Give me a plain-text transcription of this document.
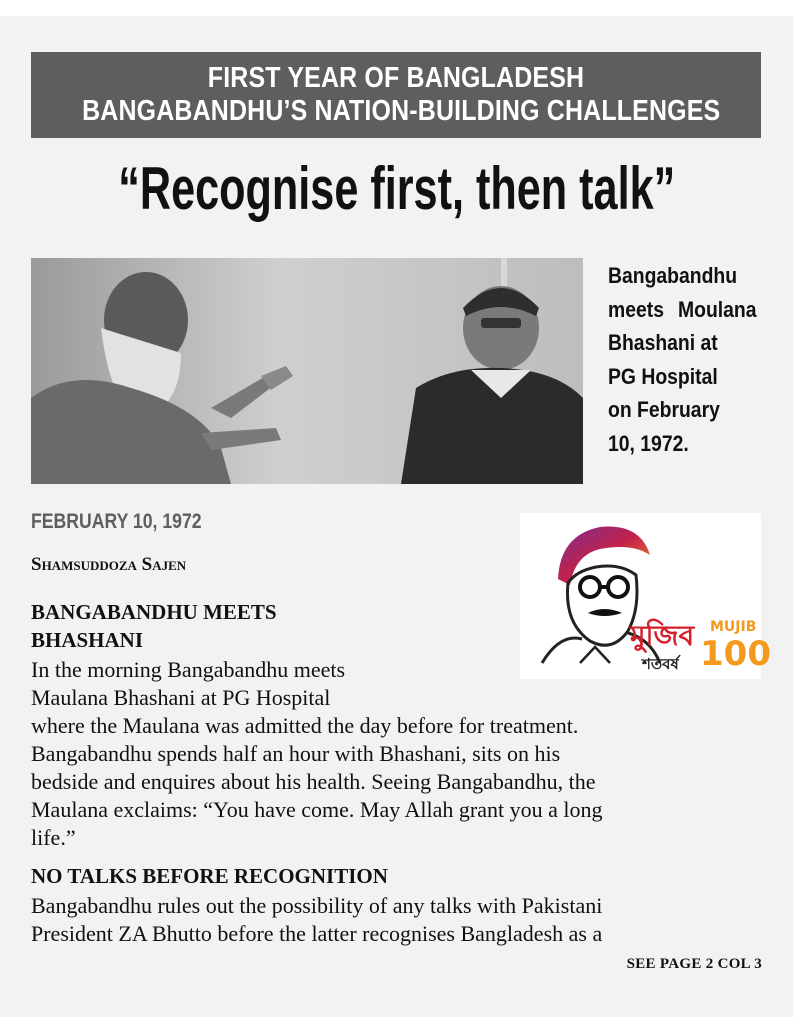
FIRST YEAR OF BANGLADESH
BANGABANDHU’S NATION-BUILDING CHALLENGES
“Recognise first, then talk”
Bangabandhu meets Moulana Bhashani at PG Hospital on February 10, 1972.
FEBRUARY 10, 1972
Shamsuddoza Sajen
মুজিব
শতবর্ষ
MUJIB
100
BANGABANDHU MEETS
BHASHANI
In the morning Bangabandhu meets
Maulana Bhashani at PG Hospital
where the Maulana was admitted the day before for treatment.
Bangabandhu spends half an hour with Bhashani, sits on his
bedside and enquires about his health. Seeing Bangabandhu, the
Maulana exclaims: “You have come. May Allah grant you a long
life.”
NO TALKS BEFORE RECOGNITION
Bangabandhu rules out the possibility of any talks with Pakistani
President ZA Bhutto before the latter recognises Bangladesh as a
SEE PAGE 2 COL 3
